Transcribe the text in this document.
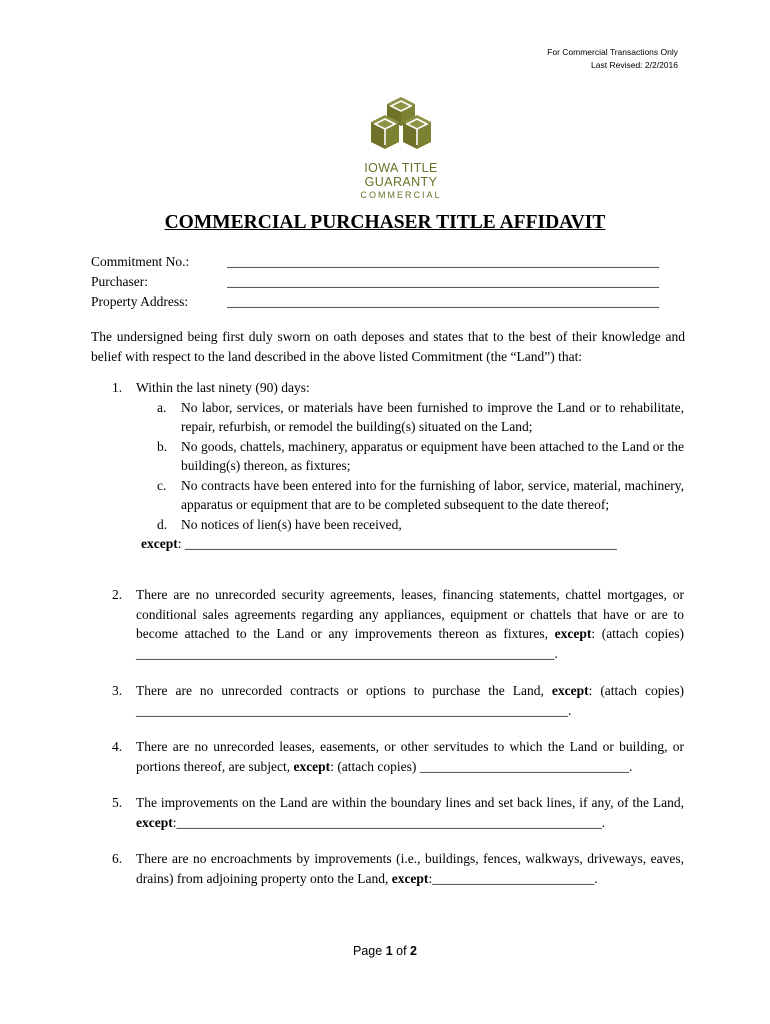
For Commercial Transactions Only
Last Revised: 2/2/2016
IOWA TITLE GUARANTY
COMMERCIAL
COMMERCIAL PURCHASER TITLE AFFIDAVIT
Commitment No.:	________________________________________________________________
Purchaser:	________________________________________________________________
Property Address:	________________________________________________________________
The undersigned being first duly sworn on oath deposes and states that to the best of their knowledge and belief with respect to the land described in the above listed Commitment (the “Land”) that:
1. Within the last ninety (90) days:
a. No labor, services, or materials have been furnished to improve the Land or to rehabilitate, repair, refurbish, or remodel the building(s) situated on the Land;
b. No goods, chattels, machinery, apparatus or equipment have been attached to the Land or the building(s) thereon, as fixtures;
c. No contracts have been entered into for the furnishing of labor, service, material, machinery, apparatus or equipment that are to be completed subsequent to the date thereof;
d. No notices of lien(s) have been received,
except: ________________________________________________________________
2. There are no unrecorded security agreements, leases, financing statements, chattel mortgages, or conditional sales agreements regarding any appliances, equipment or chattels that have or are to become attached to the Land or any improvements thereon as fixtures, except: (attach copies) ______________________________________________________________.
3. There are no unrecorded contracts or options to purchase the Land, except: (attach copies) ________________________________________________________________.
4. There are no unrecorded leases, easements, or other servitudes to which the Land or building, or portions thereof, are subject, except: (attach copies) _______________________________.
5. The improvements on the Land are within the boundary lines and set back lines, if any, of the Land, except:_______________________________________________________________.
6. There are no encroachments by improvements (i.e., buildings, fences, walkways, driveways, eaves, drains) from adjoining property onto the Land, except:________________________.
Page 1 of 2
